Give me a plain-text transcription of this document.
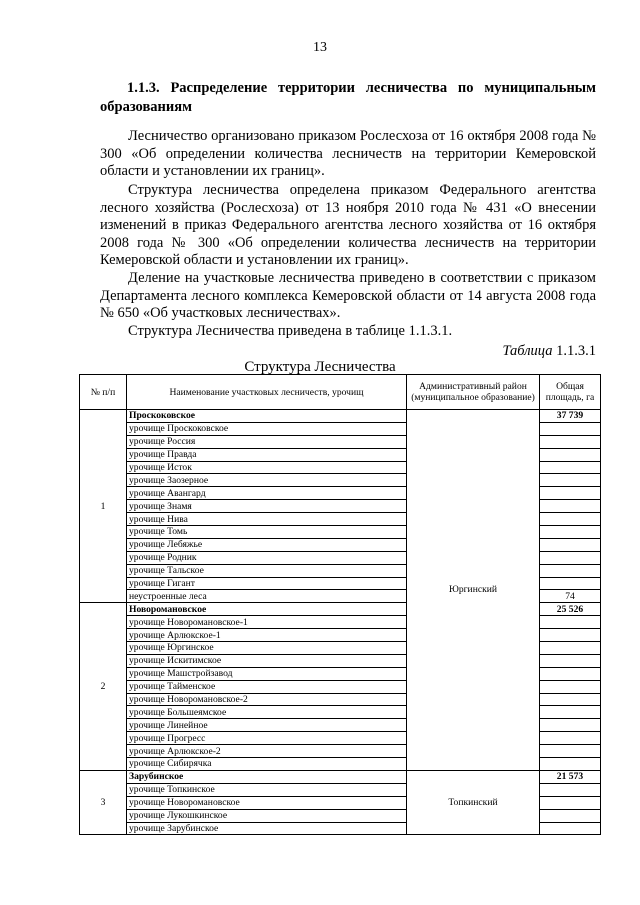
13
1.1.3. Распределение территории лесничества по муниципальным образованиям
Лесничество организовано приказом Рослесхоза от 16 октября 2008 года № 300 «Об определении количества лесничеств на территории Кемеровской области и установлении их границ».
Структура лесничества определена приказом Федерального агентства лесного хозяйства (Рослесхоза) от 13 ноября 2010 года № 431 «О внесении изменений в приказ Федерального агентства лесного хозяйства от 16 октября 2008 года № 300 «Об определении количества лесничеств на территории Кемеровской области и установлении их границ».
Деление на участковые лесничества приведено в соответствии с приказом Департамента лесного комплекса Кемеровской области от 14 августа 2008 года № 650 «Об участковых лесничествах».
Структура Лесничества приведена в таблице 1.1.3.1.
Таблица 1.1.3.1
Структура Лесничества
№ п/п	Наименование участковых лесничеств, урочищ	Административный район (муниципальное образование)	Общая площадь, га
1	Проскоковское	Юргинский	37 739
	урочище Проскоковское		
	урочище Россия		
	урочище Правда		
	урочище Исток		
	урочище Заозерное		
	урочище Авангард		
	урочище Знамя		
	урочище Нива		
	урочище Томь		
	урочище Лебяжье		
	урочище Родник		
	урочище Тальское		
	урочище Гигант		
	неустроенные леса		74
2	Новоромановское		25 526
	урочище Новоромановское-1		
	урочище Арлюкское-1		
	урочище Юргинское		
	урочище Искитимское		
	урочище Машстройзавод		
	урочище Тайменское		
	урочище Новоромановское-2		
	урочище Большеямское		
	урочище Линейное		
	урочище Прогресс		
	урочище Арлюкское-2		
	урочище Сибирячка		
3	Зарубинское	Топкинский	21 573
	урочище Топкинское		
	урочище Новоромановское		
	урочище Лукошкинское		
	урочище Зарубинское		
